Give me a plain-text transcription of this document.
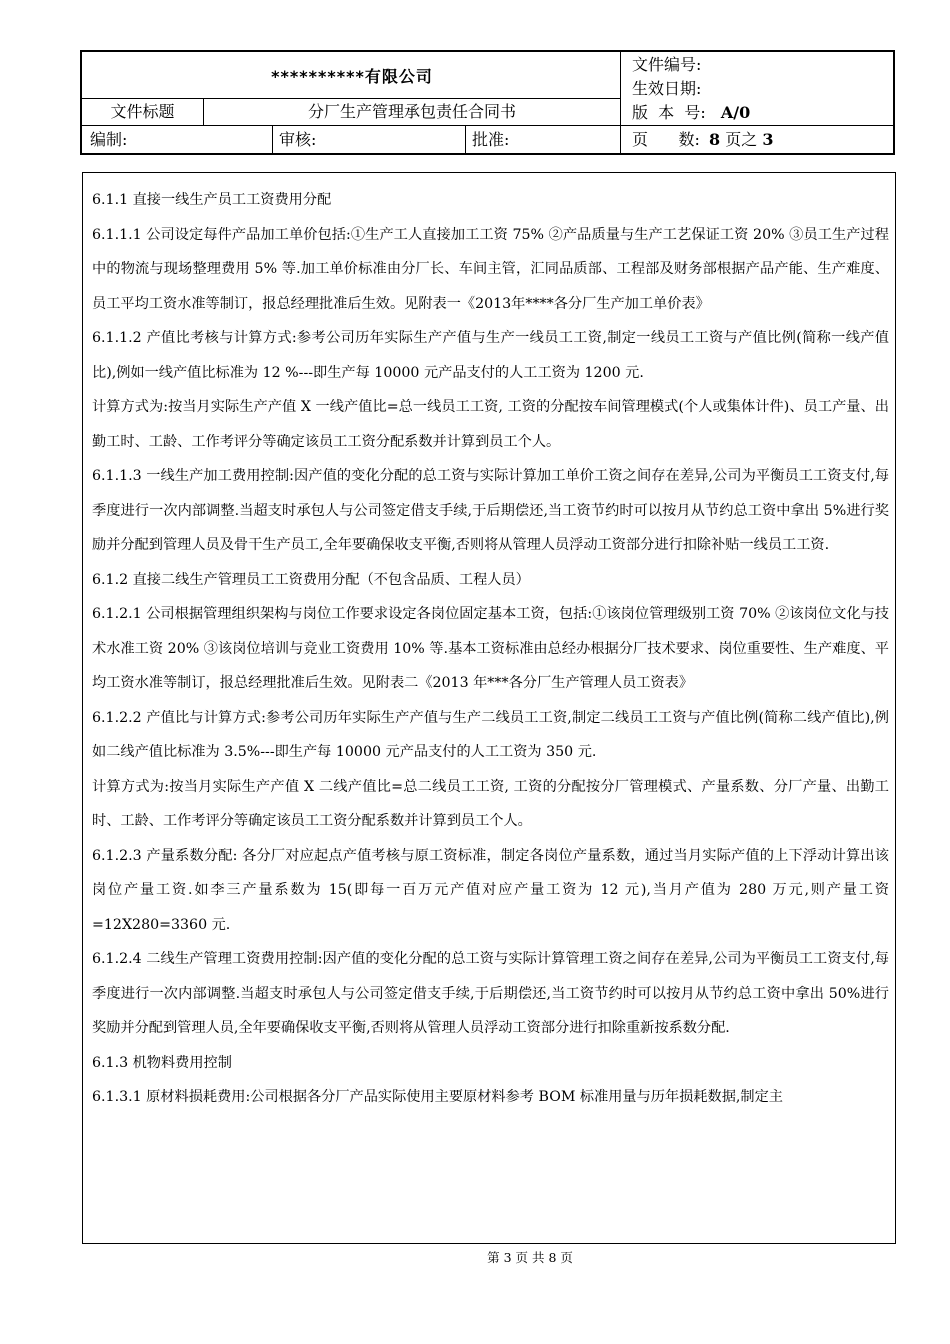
**********有限公司
文件编号:
生效日期:
文件标题	分厂生产管理承包责任合同书	版  本  号: A/0
编制:	审核:	批准:	页      数: 8 页之 3

6.1.1 直接一线生产员工工资费用分配

6.1.1.1 公司设定每件产品加工单价包括:①生产工人直接加工工资 75% ②产品质量与生产工艺保证工资 20% ③员工生产过程中的物流与现场整理费用 5% 等.加工单价标准由分厂长、车间主管，汇同品质部、工程部及财务部根据产品产能、生产难度、员工平均工资水准等制订，报总经理批准后生效。见附表一《2013年****各分厂生产加工单价表》

6.1.1.2 产值比考核与计算方式:参考公司历年实际生产产值与生产一线员工工资,制定一线员工工资与产值比例(简称一线产值比),例如一线产值比标准为 12 %---即生产每 10000 元产品支付的人工工资为 1200 元.

计算方式为:按当月实际生产产值 X 一线产值比=总一线员工工资, 工资的分配按车间管理模式(个人或集体计件)、员工产量、出勤工时、工龄、工作考评分等确定该员工工资分配系数并计算到员工个人。

6.1.1.3 一线生产加工费用控制:因产值的变化分配的总工资与实际计算加工单价工资之间存在差异,公司为平衡员工工资支付,每季度进行一次内部调整.当超支时承包人与公司签定借支手续,于后期偿还,当工资节约时可以按月从节约总工资中拿出 5%进行奖励并分配到管理人员及骨干生产员工,全年要确保收支平衡,否则将从管理人员浮动工资部分进行扣除补贴一线员工工资.

6.1.2 直接二线生产管理员工工资费用分配（不包含品质、工程人员）

6.1.2.1 公司根据管理组织架构与岗位工作要求设定各岗位固定基本工资，包括:①该岗位管理级别工资 70% ②该岗位文化与技术水准工资 20% ③该岗位培训与竞业工资费用 10% 等.基本工资标准由总经办根据分厂技术要求、岗位重要性、生产难度、平均工资水准等制订，报总经理批准后生效。见附表二《2013 年***各分厂生产管理人员工资表》

6.1.2.2 产值比与计算方式:参考公司历年实际生产产值与生产二线员工工资,制定二线员工工资与产值比例(简称二线产值比),例如二线产值比标准为 3.5%---即生产每 10000 元产品支付的人工工资为 350 元.

计算方式为:按当月实际生产产值 X 二线产值比=总二线员工工资, 工资的分配按分厂管理模式、产量系数、分厂产量、出勤工时、工龄、工作考评分等确定该员工工资分配系数并计算到员工个人。

6.1.2.3 产量系数分配: 各分厂对应起点产值考核与原工资标准，制定各岗位产量系数，通过当月实际产值的上下浮动计算出该岗位产量工资.如李三产量系数为 15(即每一百万元产值对应产量工资为 12 元),当月产值为 280 万元,则产量工资=12X280=3360 元.

6.1.2.4 二线生产管理工资费用控制:因产值的变化分配的总工资与实际计算管理工资之间存在差异,公司为平衡员工工资支付,每季度进行一次内部调整.当超支时承包人与公司签定借支手续,于后期偿还,当工资节约时可以按月从节约总工资中拿出 50%进行奖励并分配到管理人员,全年要确保收支平衡,否则将从管理人员浮动工资部分进行扣除重新按系数分配.

6.1.3 机物料费用控制

6.1.3.1 原材料损耗费用:公司根据各分厂产品实际使用主要原材料参考 BOM 标准用量与历年损耗数据,制定主

第 3 页 共 8 页
